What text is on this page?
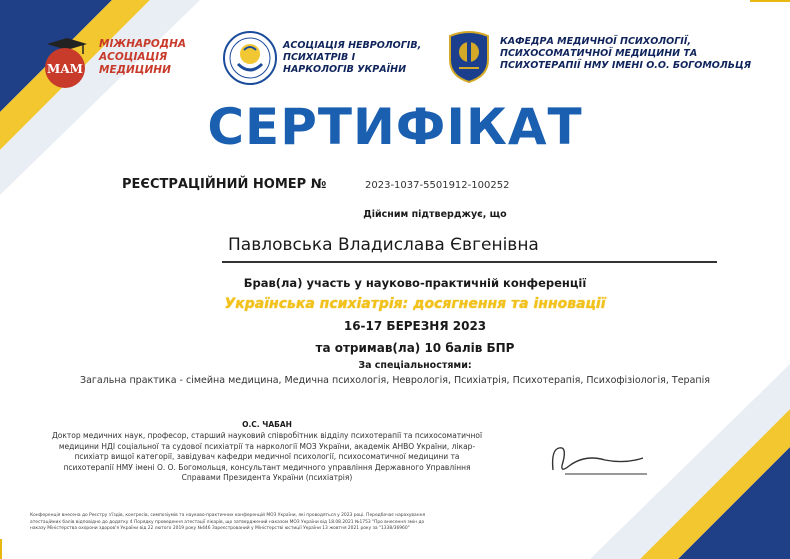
MAM
МІЖНАРОДНА
АСОЦІАЦІЯ
МЕДИЦИНИ
АСОЦІАЦІЯ НЕВРОЛОГІВ,
ПСИХІАТРІВ І
НАРКОЛОГІВ УКРАЇНИ
КАФЕДРА МЕДИЧНОЇ ПСИХОЛОГІЇ,
ПСИХОСОМАТИЧНОЇ МЕДИЦИНИ ТА
ПСИХОТЕРАПІЇ НМУ ІМЕНІ О.О. БОГОМОЛЬЦЯ
СЕРТИФІКАТ
РЕЄСТРАЦІЙНИЙ НОМЕР №	2023-1037-5501912-100252
Дійсним підтверджує, що
Павловська Владислава Євгенівна
Брав(ла) участь у науково-практичній конференції
Українська психіатрія: досягнення та інновації
16-17 БЕРЕЗНЯ 2023
та отримав(ла) 10 балів БПР
За спеціальностями:
Загальна практика - сімейна медицина, Медична психологія, Неврологія, Психіатрія, Психотерапія, Психофізіологія, Терапія
О.С. ЧАБАН
Доктор медичних наук, професор, старший науковий співробітник відділу психотерапії та психосоматичної
медицини НДІ соціальної та судової психіатрії та наркології МОЗ України, академік АНВО України, лікар-
психіатр вищої категорії, завідувач кафедри медичної психології, психосоматичної медицини та
психотерапії НМУ імені О. О. Богомольця, консультант медичного управління Державного Управління
Справами Президента України (психіатрія)
Конференція внесена до Реєстру з'їздів, конгресів, симпозіумів та науково-практичних конференцій МОЗ України, які проводяться у 2023 році. Передбачає нарахування
атестаційних балів відповідно до додатку 4 Порядку проведення атестації лікарів, що затверджений наказом МОЗ України від 18.08.2021 №1753 "Про внесення змін до
наказу Міністерства охорони здоров'я України від 22 лютого 2019 року №446 Зареєстрований у Міністерстві юстиції України 13 жовтня 2021 року за "1338/36960"
